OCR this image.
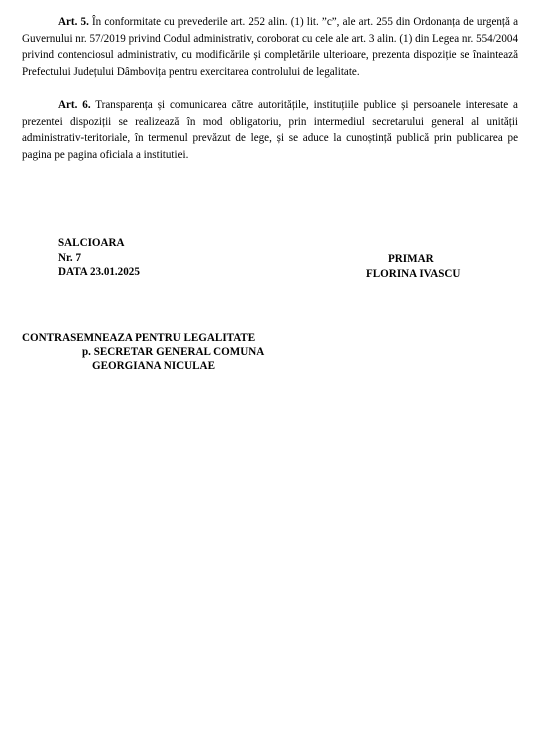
Art. 5. În conformitate cu prevederile art. 252 alin. (1) lit. ”c”, ale art. 255 din Ordonanța de urgență a Guvernului nr. 57/2019 privind Codul administrativ, coroborat cu cele ale art. 3 alin. (1) din Legea nr. 554/2004 privind contenciosul administrativ, cu modificările și completările ulterioare, prezenta dispoziție se înaintează Prefectului Județului Dâmbovița pentru exercitarea controlului de legalitate.

Art. 6. Transparența și comunicarea către autoritățile, instituțiile publice și persoanele interesate a prezentei dispoziții se realizează în mod obligatoriu, prin intermediul secretarului general al unității administrativ-teritoriale, în termenul prevăzut de lege, și se aduce la cunoștință publică prin publicarea pe pagina pe pagina oficiala a institutiei.

SALCIOARA
Nr. 7
DATA 23.01.2025
PRIMAR
FLORINA IVASCU
CONTRASEMNEAZA PENTRU LEGALITATE
p. SECRETAR GENERAL COMUNA
GEORGIANA NICULAE
